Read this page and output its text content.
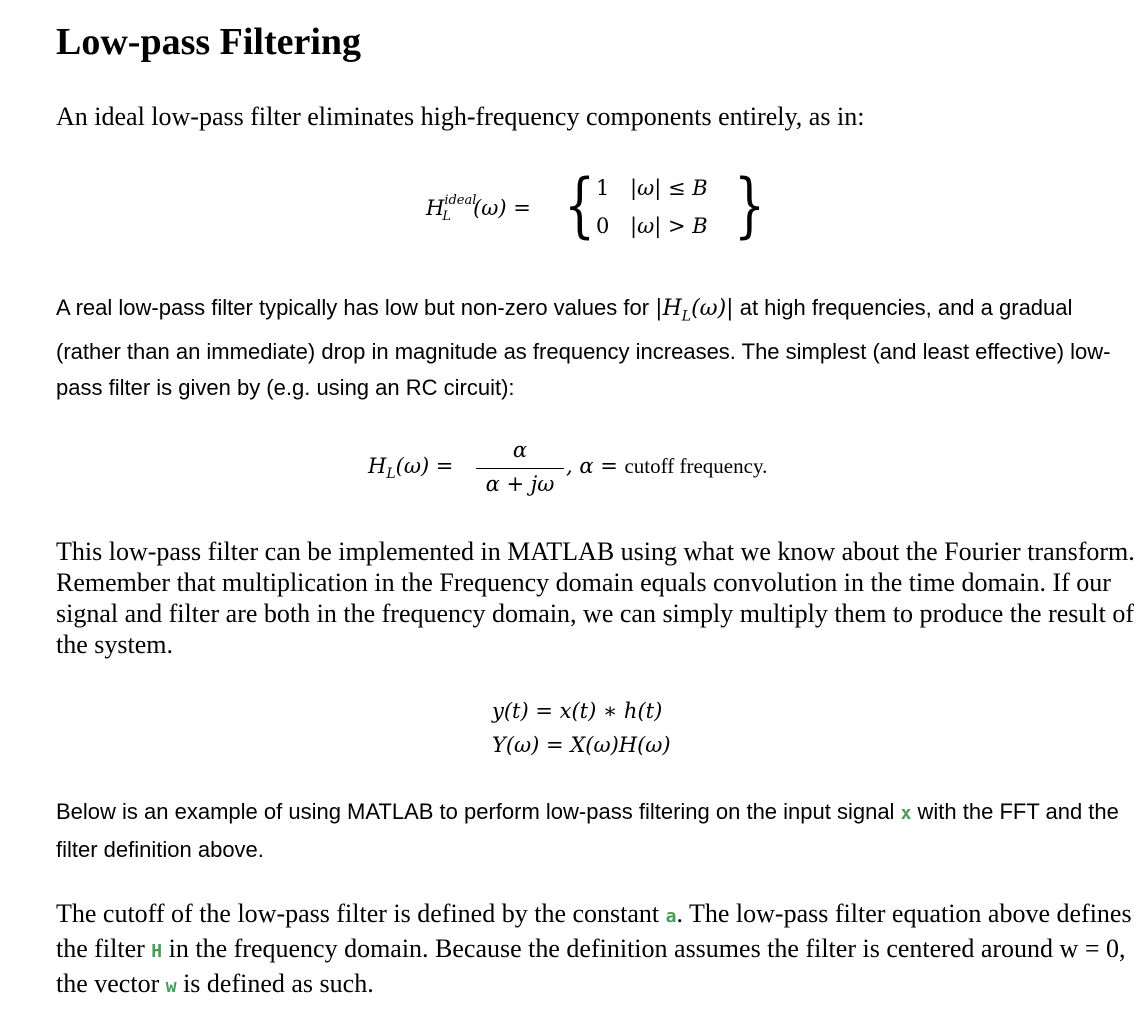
Low-pass Filtering

An ideal low-pass filter eliminates high-frequency components entirely, as in:

$H^{ideal}_L$ (ω) = { 1 |ω| ≤ B
0 |ω| > B }

A real low-pass filter typically has low but non-zero values for $|H_L(\omega)|$ at high frequencies, and a gradual (rather than an immediate) drop in magnitude as frequency increases. The simplest (and least effective) low-pass filter is given by (e.g. using an RC circuit):

$H_L(\omega)$ =
α
α + jω
, α = cutoff frequency.

This low-pass filter can be implemented in MATLAB using what we know about the Fourier transform. Remember that multiplication in the Frequency domain equals convolution in the time domain. If our signal and filter are both in the frequency domain, we can simply multiply them to produce the result of the system.

y(t) = x(t) ∗ h(t)
Y(ω) = X(ω)H(ω)

Below is an example of using MATLAB to perform low-pass filtering on the input signal x with the FFT and the filter definition above.

The cutoff of the low-pass filter is defined by the constant a. The low-pass filter equation above defines the filter H in the frequency domain. Because the definition assumes the filter is centered around w = 0, the vector w is defined as such.
